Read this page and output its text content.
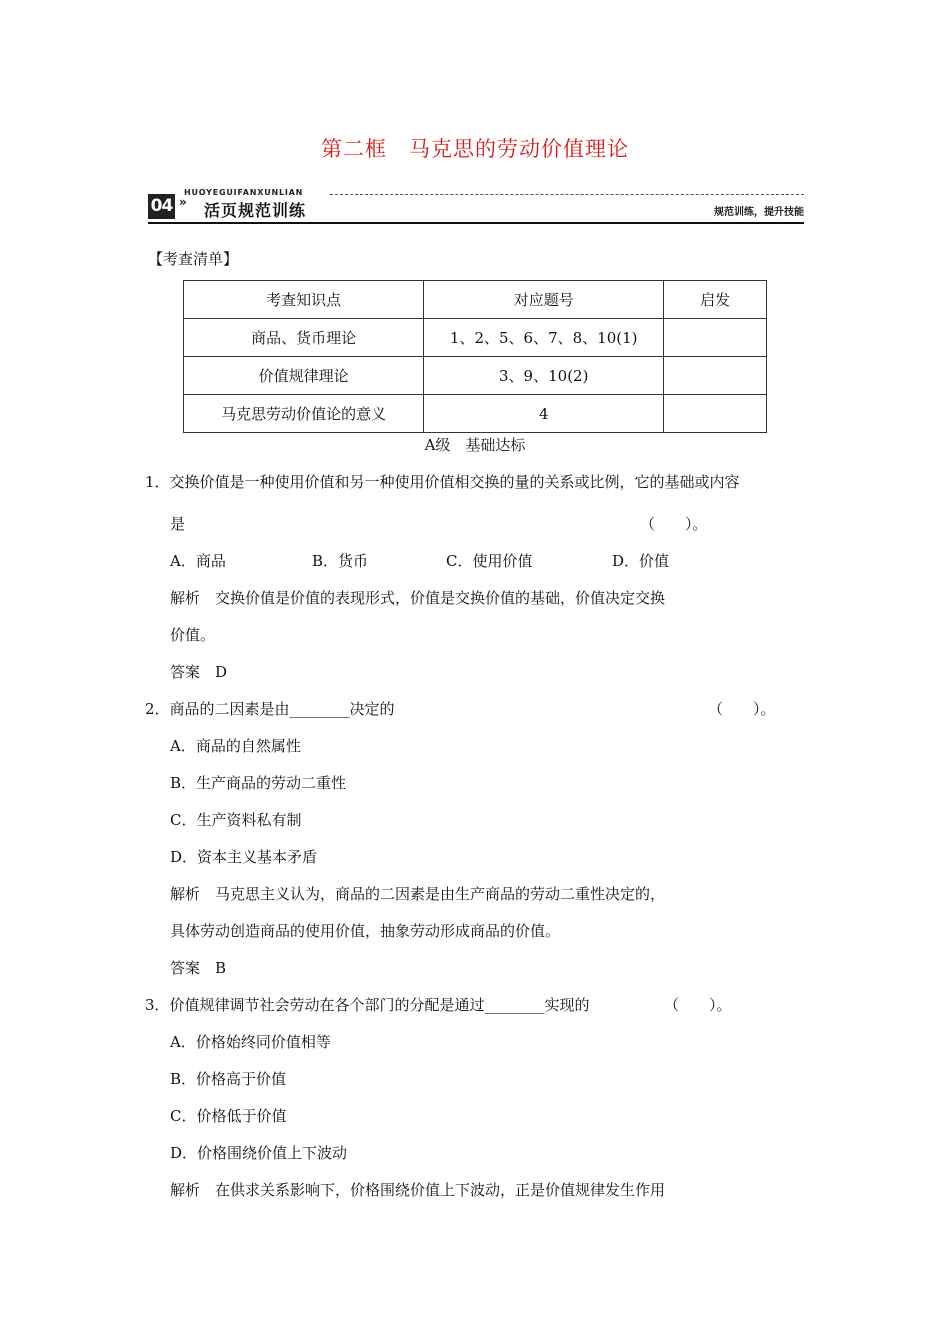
第二框　马克思的劳动价值理论
04 »
HUOYEGUIFANXUNLIAN
活页规范训练	规范训练，提升技能
【考查清单】
考查知识点	对应题号	启发
商品、货币理论	1、2、5、6、7、8、10(1)	
价值规律理论	3、9、10(2)	
马克思劳动价值论的意义	4	
A级　基础达标
1．交换价值是一种使用价值和另一种使用价值相交换的量的关系或比例，它的基础或内容
是	（　　）。
A．商品	B．货币	C．使用价值	D．价值
解析　交换价值是价值的表现形式，价值是交换价值的基础，价值决定交换
价值。
答案　D
2．商品的二因素是由________决定的	（　　）。
A．商品的自然属性
B．生产商品的劳动二重性
C．生产资料私有制
D．资本主义基本矛盾
解析　马克思主义认为，商品的二因素是由生产商品的劳动二重性决定的，
具体劳动创造商品的使用价值，抽象劳动形成商品的价值。
答案　B
3．价值规律调节社会劳动在各个部门的分配是通过________实现的	（　　）。
A．价格始终同价值相等
B．价格高于价值
C．价格低于价值
D．价格围绕价值上下波动
解析　在供求关系影响下，价格围绕价值上下波动，正是价值规律发生作用
